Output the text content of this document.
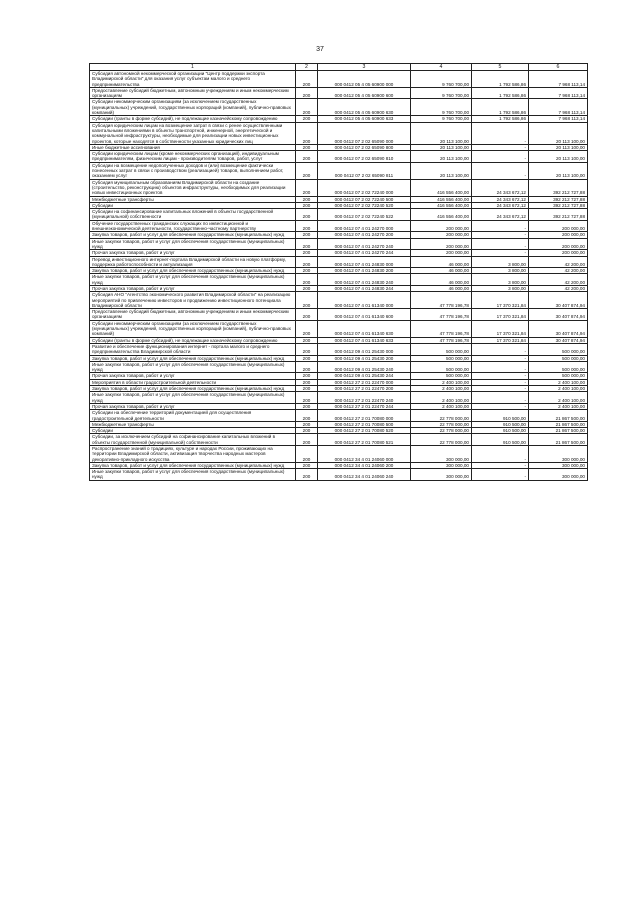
37
1	2	3	4	5	6
Субсидия автономной некоммерческой организации "Центр поддержки экспорта Владимирской области" для оказания услуг субъектам малого и среднего предпринимательства	200	000 0412 05 4 05 60900 000	9 760 700,00	1 792 586,86	7 968 113,14
Предоставление субсидий бюджетным, автономным учреждениям и иным некоммерческим организациям	200	000 0412 05 4 05 60900 600	9 760 700,00	1 792 586,86	7 968 113,14
Субсидии некоммерческим организациям (за исключением государственных (муниципальных) учреждений, государственных корпораций (компаний), публично-правовых компаний)	200	000 0412 05 4 05 60900 630	9 760 700,00	1 792 586,86	7 968 113,14
Субсидии (гранты в форме субсидий), не подлежащие казначейскому сопровождению	200	000 0412 05 4 05 60900 633	9 760 700,00	1 792 586,86	7 968 113,14
Субсидия юридическим лицам на возмещение затрат в связи с ренее осуществленными капитальными вложениями в объекты транспортной, инженерной, энергетической и коммунальной инфраструктуры, необходимые для реализации новых инвестиционных проектов, которые находятся в собственности указанных юридических лиц	200	000 0412 07 2 02 65090 000	20 113 100,00	-	20 113 100,00
Иные бюджетные ассигнования	200	000 0412 07 2 02 65090 800	20 113 100,00	-	20 113 100,00
Субсидии юридическим лицам (кроме некоммерческих организаций), индивидуальным предпринимателям, физическим лицам - производителям товаров, работ, услуг	200	000 0412 07 2 02 65090 810	20 113 100,00	-	20 113 100,00
Субсидии на возмещение недополученных доходов и (или) возмещение фактически понесенных затрат в связи с производством (реализацией) товаров, выполнением работ, оказанием услуг	200	000 0412 07 2 02 65090 811	20 113 100,00	-	20 113 100,00
Субсидия муниципальным образованиям Владимирской области на создание (строительство, реконструкцию) объектов инфраструктуры, необходимых для реализации новых инвестиционных проектов	200	000 0412 07 2 02 72240 000	416 556 400,00	24 343 672,12	392 212 727,88
Межбюджетные трансферты	200	000 0412 07 2 02 72240 500	416 556 400,00	24 343 672,12	392 212 727,88
Субсидии	200	000 0412 07 2 02 72240 520	416 556 400,00	24 343 672,12	392 212 727,88
Субсидии на софинансирование капитальных вложений в объекты государственной (муниципальной) собственности	200	000 0412 07 2 02 72240 522	416 556 400,00	24 343 672,12	392 212 727,88
Обучение государственных гражданских служащих по инвестиционной и внешнеэкономической деятельности, государственно-частному партнерству	200	000 0412 07 4 01 24270 000	200 000,00	-	200 000,00
Закупка товаров, работ и услуг для обеспечения государственных (муниципальных) нужд	200	000 0412 07 4 01 24270 200	200 000,00	-	200 000,00
Иные закупки товаров, работ и услуг для обеспечения государственных (муниципальных) нужд	200	000 0412 07 4 01 24270 240	200 000,00	-	200 000,00
Прочая закупка товаров, работ и услуг	200	000 0412 07 4 01 24270 244	200 000,00	-	200 000,00
Перевод инвестиционного интернет-портала Владимирской области на новую платформу, поддержка работоспособности и актуализация	200	000 0412 07 4 01 24830 000	46 000,00	3 800,00	42 200,00
Закупка товаров, работ и услуг для обеспечения государственных (муниципальных) нужд	200	000 0412 07 4 01 24830 200	46 000,00	3 800,00	42 200,00
Иные закупки товаров, работ и услуг для обеспечения государственных (муниципальных) нужд	200	000 0412 07 4 01 24830 240	46 000,00	3 800,00	42 200,00
Прочая закупка товаров, работ и услуг	200	000 0412 07 4 01 24830 244	46 000,00	3 800,00	42 200,00
Субсидия АНО "Агентство экономического развития Владимирской области" на реализацию мероприятий по привлечению инвесторов и продвижению инвестиционного потенциала Владимирской области	200	000 0412 07 4 01 61340 000	47 778 196,78	17 370 321,84	30 407 874,94
Предоставление субсидий бюджетным, автономным учреждениям и иным некоммерческим организациям	200	000 0412 07 4 01 61340 600	47 778 196,78	17 370 321,84	30 407 874,94
Субсидии некоммерческим организациям (за исключением государственных (муниципальных) учреждений, государственных корпораций (компаний), публично-правовых компаний)	200	000 0412 07 4 01 61340 630	47 778 196,78	17 370 321,84	30 407 874,94
Субсидии (гранты в форме субсидий), не подлежащие казначейскому сопровождению	200	000 0412 07 4 01 61340 633	47 778 196,78	17 370 321,84	30 407 874,94
Развитие и обеспечение функционирования интернет - портала малого и среднего предпринимательства Владимирской области	200	000 0412 09 4 01 25430 000	500 000,00	-	500 000,00
Закупка товаров, работ и услуг для обеспечения государственных (муниципальных) нужд	200	000 0412 09 4 01 25430 200	500 000,00	-	500 000,00
Иные закупки товаров, работ и услуг для обеспечения государственных (муниципальных) нужд	200	000 0412 09 4 01 25430 240	500 000,00	-	500 000,00
Прочая закупка товаров, работ и услуг	200	000 0412 09 4 01 25430 244	500 000,00	-	500 000,00
Мероприятия в области градостроительной деятельности	200	000 0412 27 2 01 22470 000	2 400 100,00	-	2 400 100,00
Закупка товаров, работ и услуг для обеспечения государственных (муниципальных) нужд	200	000 0412 27 2 01 22470 200	2 400 100,00	-	2 400 100,00
Иные закупки товаров, работ и услуг для обеспечения государственных (муниципальных) нужд	200	000 0412 27 2 01 22470 240	2 400 100,00	-	2 400 100,00
Прочая закупка товаров, работ и услуг	200	000 0412 27 2 01 22470 244	2 400 100,00	-	2 400 100,00
Субсидии на обеспечение территорий документацией для осуществления градостроительной деятельности	200	000 0412 27 2 01 70080 000	22 778 000,00	910 500,00	21 867 500,00
Межбюджетные трансферты	200	000 0412 27 2 01 70080 500	22 778 000,00	910 500,00	21 867 500,00
Субсидии	200	000 0412 27 2 01 70080 520	22 778 000,00	910 500,00	21 867 500,00
Субсидии, за исключением субсидий на софинансирование капитальных вложений в объекты государственной (муниципальной) собственности	200	000 0412 27 2 01 70080 521	22 778 000,00	910 500,00	21 867 500,00
Распространение знаний о традициях, культуре и народах России, проживающих на территории Владимирской области, активизация творчества народных мастеров декоративно-прикладного искусства	200	000 0412 34 4 01 24060 000	300 000,00	-	300 000,00
Закупка товаров, работ и услуг для обеспечения государственных (муниципальных) нужд	200	000 0412 34 4 01 24060 200	300 000,00	-	300 000,00
Иные закупки товаров, работ и услуг для обеспечения государственных (муниципальных) нужд	200	000 0412 34 4 01 24060 240	300 000,00	-	300 000,00
